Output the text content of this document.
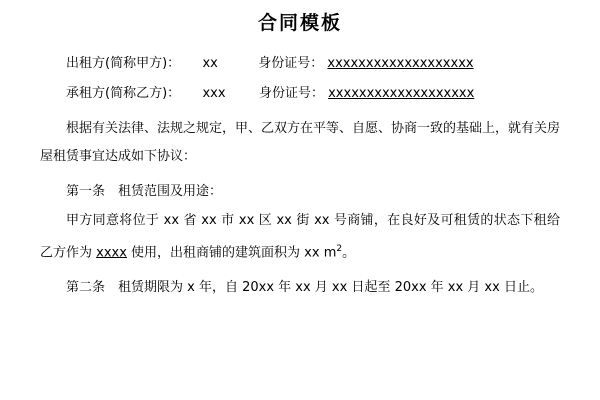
合同模板
出租方(简称甲方)： xx	身份证号： xxxxxxxxxxxxxxxxxxx
承租方(简称乙方)： xxx	身份证号： xxxxxxxxxxxxxxxxxxx
根据有关法律、法规之规定，甲、乙双方在平等、自愿、协商一致的基础上，就有关房屋租赁事宜达成如下协议：
第一条　租赁范围及用途：
甲方同意将位于 xx 省 xx 市 xx 区 xx 街 xx 号商铺，在良好及可租赁的状态下租给乙方作为 xxxx 使用，出租商铺的建筑面积为 xx $m^2$。
第二条　租赁期限为 x 年，自 20xx 年 xx 月 xx 日起至 20xx 年 xx 月 xx 日止。
